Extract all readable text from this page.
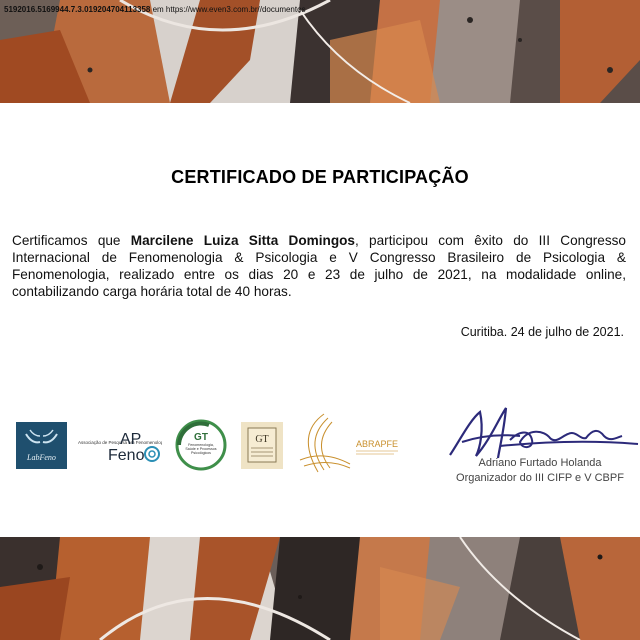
5192016.5169944.7.3.019204704113358 em https://www.even3.com.br//documentos
CERTIFICADO DE PARTICIPAÇÃO
Certificamos que Marcilene Luiza Sitta Domingos, participou com êxito do III Congresso Internacional de Fenomenologia & Psicologia e V Congresso Brasileiro de Psicologia & Fenomenologia, realizado entre os dias 20 e 23 de julho de 2021, na modalidade online, contabilizando carga horária total de 40 horas.
Curitiba. 24 de julho de 2021.
LabFeno
Associação de Pesquisa em Fenomenologia
AP
Feno
GT
Fenomenologia, Saúde e Processos Psicológicos
GT	ABRAPFE
Adriano Furtado Holanda
Organizador do III CIFP e V CBPF
